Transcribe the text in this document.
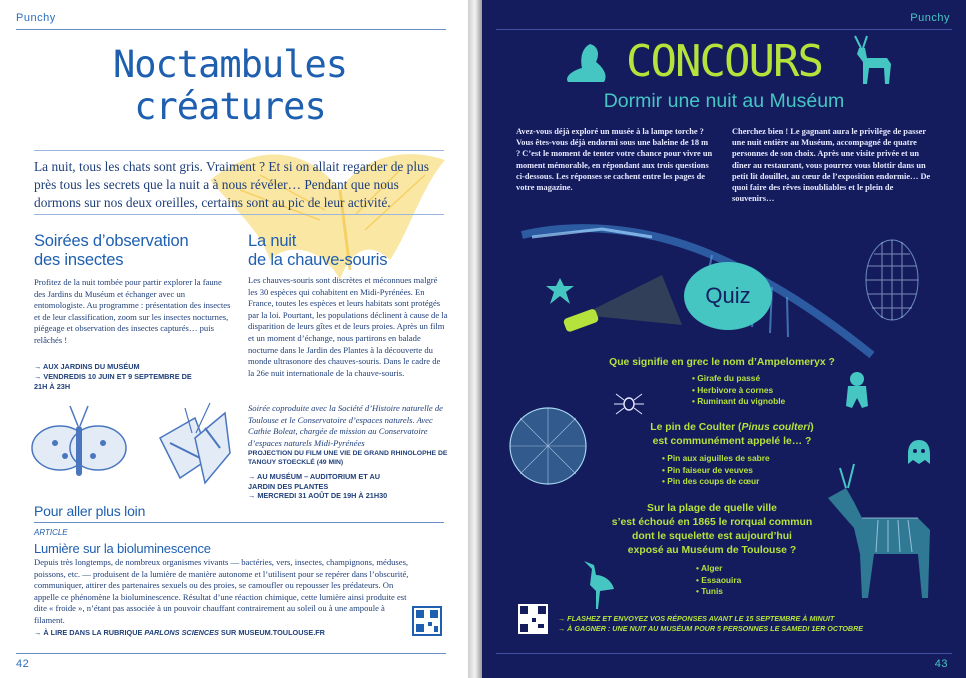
Punchy
Noctambules
créatures
La nuit, tous les chats sont gris. Vraiment ? Et si on allait regarder de plus près tous les secrets que la nuit a à nous révéler… Pendant que nous dormons sur nos deux oreilles, certains sont au pic de leur activité.
Soirées d’observation
des insectes
Profitez de la nuit tombée pour partir explorer la faune des Jardins du Muséum et échanger avec un entomologiste. Au programme : présentation des insectes et de leur classification, zoom sur les insectes nocturnes, piégeage et observation des insectes capturés… puis relâchés !
→ AUX JARDINS DU MUSÉUM
→ VENDREDIS 10 JUIN ET 9 SEPTEMBRE DE 21H À 23H
La nuit
de la chauve-souris
Les chauves-souris sont discrètes et méconnues malgré les 30 espèces qui cohabitent en Midi-Pyrénées. En France, toutes les espèces et leurs habitats sont protégés par la loi. Pourtant, les populations déclinent à cause de la disparition de leurs gîtes et de leurs proies. Après un film et un moment d’échange, nous partirons en balade nocturne dans le Jardin des Plantes à la découverte du monde ultrasonore des chauves-souris. Dans le cadre de la 26e nuit internationale de la chauve-souris.
Soirée coproduite avec la Société d’Histoire naturelle de Toulouse et le Conservatoire d’espaces naturels. Avec Cathie Boleat, chargée de mission au Conservatoire d’espaces naturels Midi-Pyrénées
PROJECTION DU FILM UNE VIE DE GRAND RHINOLOPHE DE TANGUY STOECKLÉ (49 MIN)
→ AU MUSÉUM – AUDITORIUM ET AU JARDIN DES PLANTES
→ MERCREDI 31 AOÛT DE 19H À 21H30
Pour aller plus loin
ARTICLE
Lumière sur la bioluminescence
Depuis très longtemps, de nombreux organismes vivants — bactéries, vers, insectes, champignons, méduses, poissons, etc. — produisent de la lumière de manière autonome et l’utilisent pour se repérer dans l’obscurité, communiquer, attirer des partenaires sexuels ou des proies, se camoufler ou repousser les prédateurs. On appelle ce phénomène la bioluminescence. Résultat d’une réaction chimique, cette lumière ainsi produite est dite « froide », n’étant pas associée à un pouvoir chauffant contrairement au soleil ou à une ampoule à filament.
→ À LIRE DANS LA RUBRIQUE PARLONS SCIENCES SUR MUSEUM.TOULOUSE.FR
42
Punchy
CONCOURS
Dormir une nuit au Muséum
Avez-vous déjà exploré un musée à la lampe torche ? Vous êtes-vous déjà endormi sous une baleine de 18 m ? C’est le moment de tenter votre chance pour vivre un moment mémorable, en répondant aux trois questions ci-dessous. Les réponses se cachent entre les pages de votre magazine.
Cherchez bien ! Le gagnant aura le privilège de passer une nuit entière au Muséum, accompagné de quatre personnes de son choix. Après une visite privée et un dîner au restaurant, vous pourrez vous blottir dans un petit lit douillet, au cœur de l’exposition endormie… De quoi faire des rêves inoubliables et le plein de souvenirs…
Quiz
Que signifie en grec le nom d’Ampelomeryx ?
• Girafe du passé
• Herbivore à cornes
• Ruminant du vignoble
Le pin de Coulter (Pinus coulteri)
est communément appelé le… ?
• Pin aux aiguilles de sabre
• Pin faiseur de veuves
• Pin des coups de cœur
Sur la plage de quelle ville
s’est échoué en 1865 le rorqual commun
dont le squelette est aujourd’hui
exposé au Muséum de Toulouse ?
• Alger
• Essaouira
• Tunis
→ FLASHEZ ET ENVOYEZ VOS RÉPONSES AVANT LE 15 SEPTEMBRE À MINUIT
→ À GAGNER : UNE NUIT AU MUSÉUM POUR 5 PERSONNES LE SAMEDI 1ER OCTOBRE
43
